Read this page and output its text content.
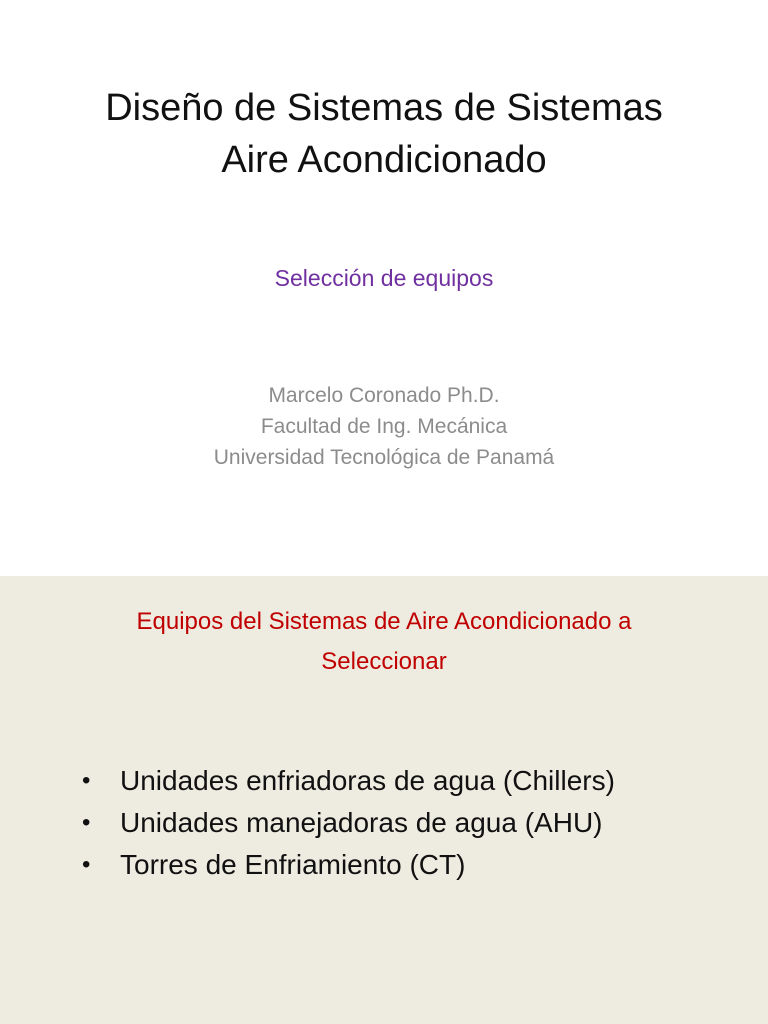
Diseño de Sistemas de Sistemas
Aire Acondicionado
Selección de equipos
Marcelo Coronado Ph.D.
Facultad de Ing. Mecánica
Universidad Tecnológica de Panamá
Equipos del Sistemas de Aire Acondicionado a
Seleccionar
• Unidades enfriadoras de agua (Chillers)
• Unidades manejadoras de agua (AHU)
• Torres de Enfriamiento (CT)
